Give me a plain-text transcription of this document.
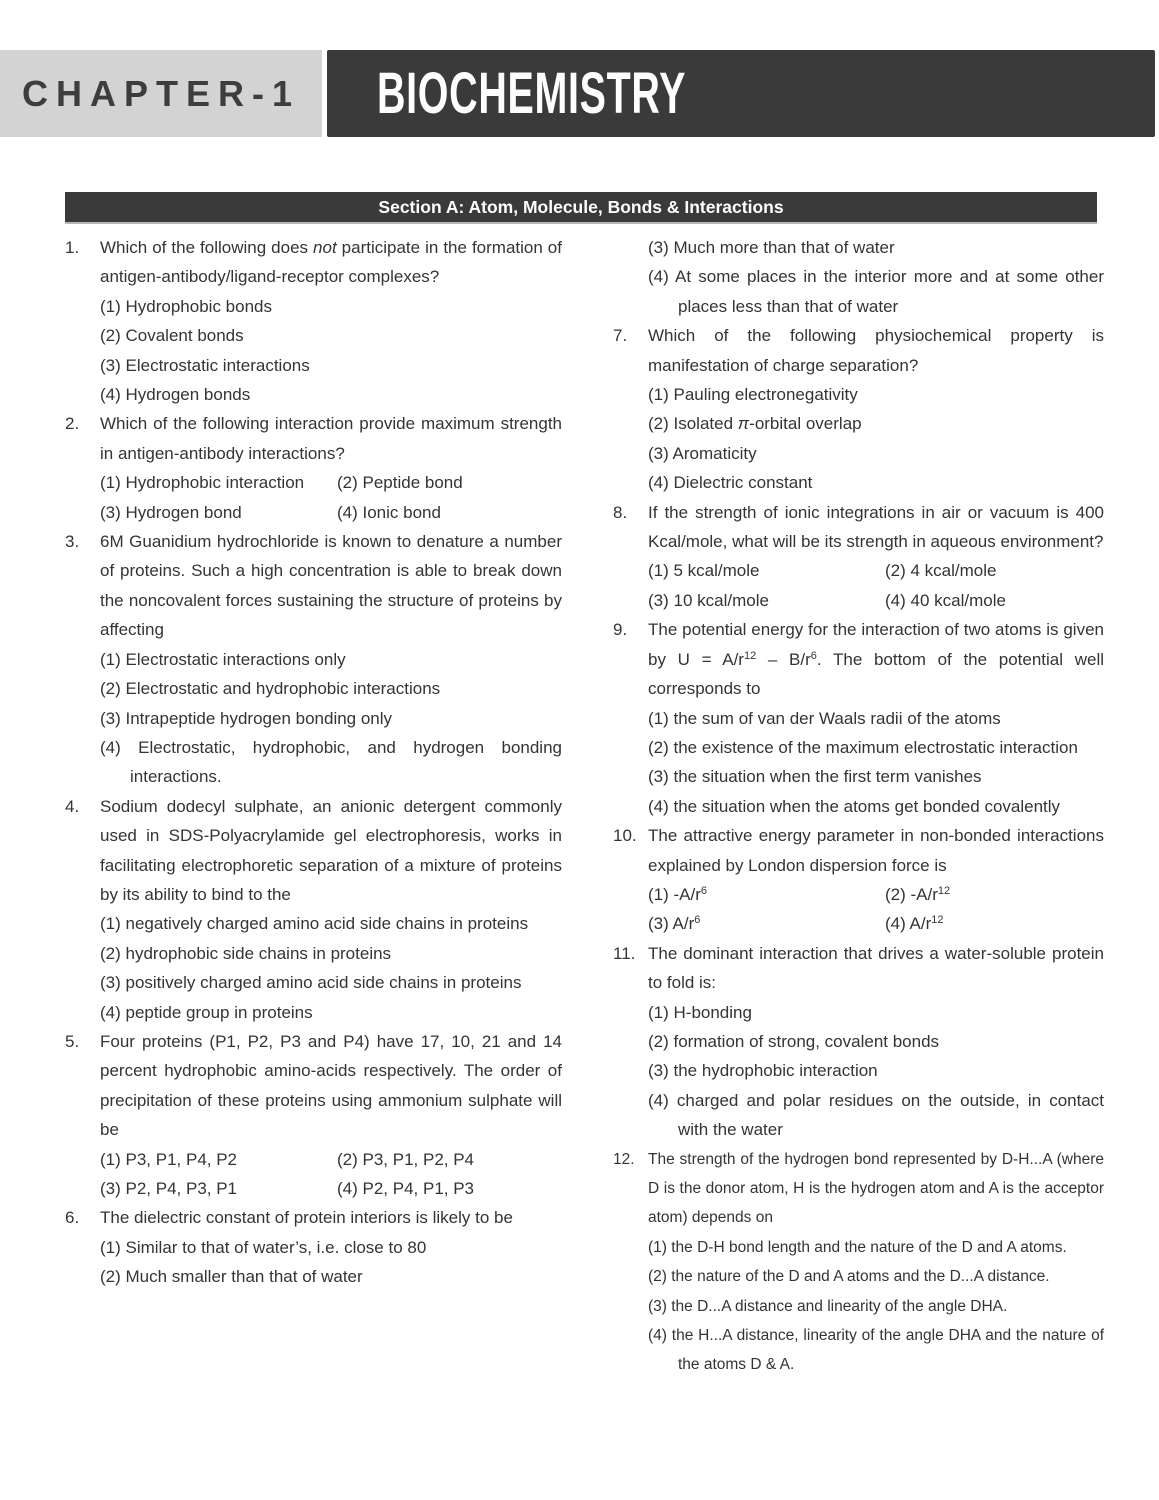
CHAPTER-1 BIOCHEMISTRY
Section A: Atom, Molecule, Bonds & Interactions
1.	Which of the following does not participate in the formation of antigen-antibody/ligand-receptor complexes?
(1) Hydrophobic bonds
(2) Covalent bonds
(3) Electrostatic interactions
(4) Hydrogen bonds
2.	Which of the following interaction provide maximum strength in antigen-antibody interactions?
(1) Hydrophobic interaction	(2) Peptide bond
(3) Hydrogen bond	(4) Ionic bond
3.	6M Guanidium hydrochloride is known to denature a number of proteins. Such a high concentration is able to break down the noncovalent forces sustaining the structure of proteins by affecting
(1) Electrostatic interactions only
(2) Electrostatic and hydrophobic interactions
(3) Intrapeptide hydrogen bonding only
(4) Electrostatic, hydrophobic, and hydrogen bonding interactions.
4.	Sodium dodecyl sulphate, an anionic detergent commonly used in SDS-Polyacrylamide gel electrophoresis, works in facilitating electrophoretic separation of a mixture of proteins by its ability to bind to the
(1) negatively charged amino acid side chains in proteins
(2) hydrophobic side chains in proteins
(3) positively charged amino acid side chains in proteins
(4) peptide group in proteins
5.	Four proteins (P1, P2, P3 and P4) have 17, 10, 21 and 14 percent hydrophobic amino-acids respectively. The order of precipitation of these proteins using ammonium sulphate will be
(1) P3, P1, P4, P2	(2) P3, P1, P2, P4
(3) P2, P4, P3, P1	(4) P2, P4, P1, P3
6.	The dielectric constant of protein interiors is likely to be
(1) Similar to that of water’s, i.e. close to 80
(2) Much smaller than that of water
(3) Much more than that of water
(4) At some places in the interior more and at some other places less than that of water
7.	Which of the following physiochemical property is manifestation of charge separation?
(1) Pauling electronegativity
(2) Isolated π-orbital overlap
(3) Aromaticity
(4) Dielectric constant
8.	If the strength of ionic integrations in air or vacuum is 400 Kcal/mole, what will be its strength in aqueous environment?
(1) 5 kcal/mole	(2) 4 kcal/mole
(3) 10 kcal/mole	(4) 40 kcal/mole
9.	The potential energy for the interaction of two atoms is given by $U = A/r^{12} - B/r^6$. The bottom of the potential well corresponds to
(1) the sum of van der Waals radii of the atoms
(2) the existence of the maximum electrostatic interaction
(3) the situation when the first term vanishes
(4) the situation when the atoms get bonded covalently
10. The attractive energy parameter in non-bonded interactions explained by London dispersion force is
(1) $-A/r^6$	(2) $-A/r^{12}$
(3) $A/r^6$	(4) $A/r^{12}$
11. The dominant interaction that drives a water-soluble protein to fold is:
(1) H-bonding
(2) formation of strong, covalent bonds
(3) the hydrophobic interaction
(4) charged and polar residues on the outside, in contact with the water
12. The strength of the hydrogen bond represented by D-H...A (where D is the donor atom, H is the hydrogen atom and A is the acceptor atom) depends on
(1) the D-H bond length and the nature of the D and A atoms.
(2) the nature of the D and A atoms and the D...A distance.
(3) the D...A distance and linearity of the angle DHA.
(4) the H...A distance, linearity of the angle DHA and the nature of the atoms D & A.
